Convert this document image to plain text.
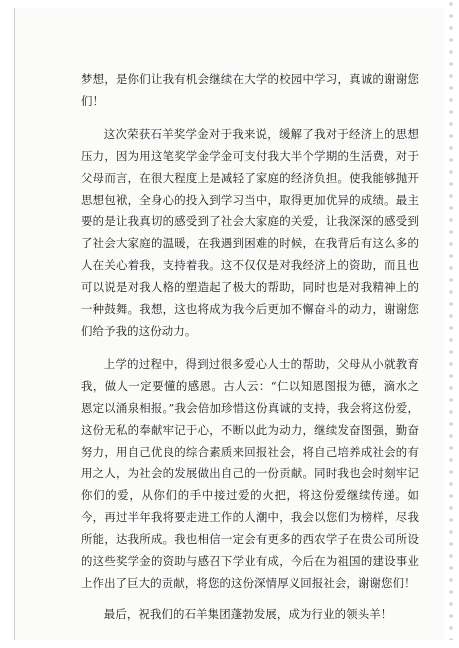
梦想，是你们让我有机会继续在大学的校园中学习，真诚的谢谢您们！

这次荣获石羊奖学金对于我来说，缓解了我对于经济上的思想压力，因为用这笔奖学金学金可支付我大半个学期的生活费，对于父母而言，在很大程度上是减轻了家庭的经济负担。使我能够抛开思想包袱，全身心的投入到学习当中，取得更加优异的成绩。最主要的是让我真切的感受到了社会大家庭的关爱，让我深深的感受到了社会大家庭的温暖，在我遇到困难的时候，在我背后有这么多的人在关心着我，支持着我。这不仅仅是对我经济上的资助，而且也可以说是对我人格的塑造起了极大的帮助，同时也是对我精神上的一种鼓舞。我想，这也将成为我今后更加不懈奋斗的动力，谢谢您们给予我的这份动力。

上学的过程中，得到过很多爱心人士的帮助，父母从小就教育我，做人一定要懂的感恩。古人云：“仁以知恩图报为德，滴水之恩定以涌泉相报。”我会倍加珍惜这份真诚的支持，我会将这份爱，这份无私的奉献牢记于心，不断以此为动力，继续发奋图强，勤奋努力，用自己优良的综合素质来回报社会，将自己培养成社会的有用之人，为社会的发展做出自己的一份贡献。同时我也会时刻牢记你们的爱，从你们的手中接过爱的火把，将这份爱继续传递。如今，再过半年我将要走进工作的人潮中，我会以您们为榜样，尽我所能，达我所成。我也相信一定会有更多的西农学子在贵公司所设的这些奖学金的资助与感召下学业有成，今后在为祖国的建设事业上作出了巨大的贡献，将您的这份深情厚义回报社会，谢谢您们！

最后，祝我们的石羊集团蓬勃发展，成为行业的领头羊！
